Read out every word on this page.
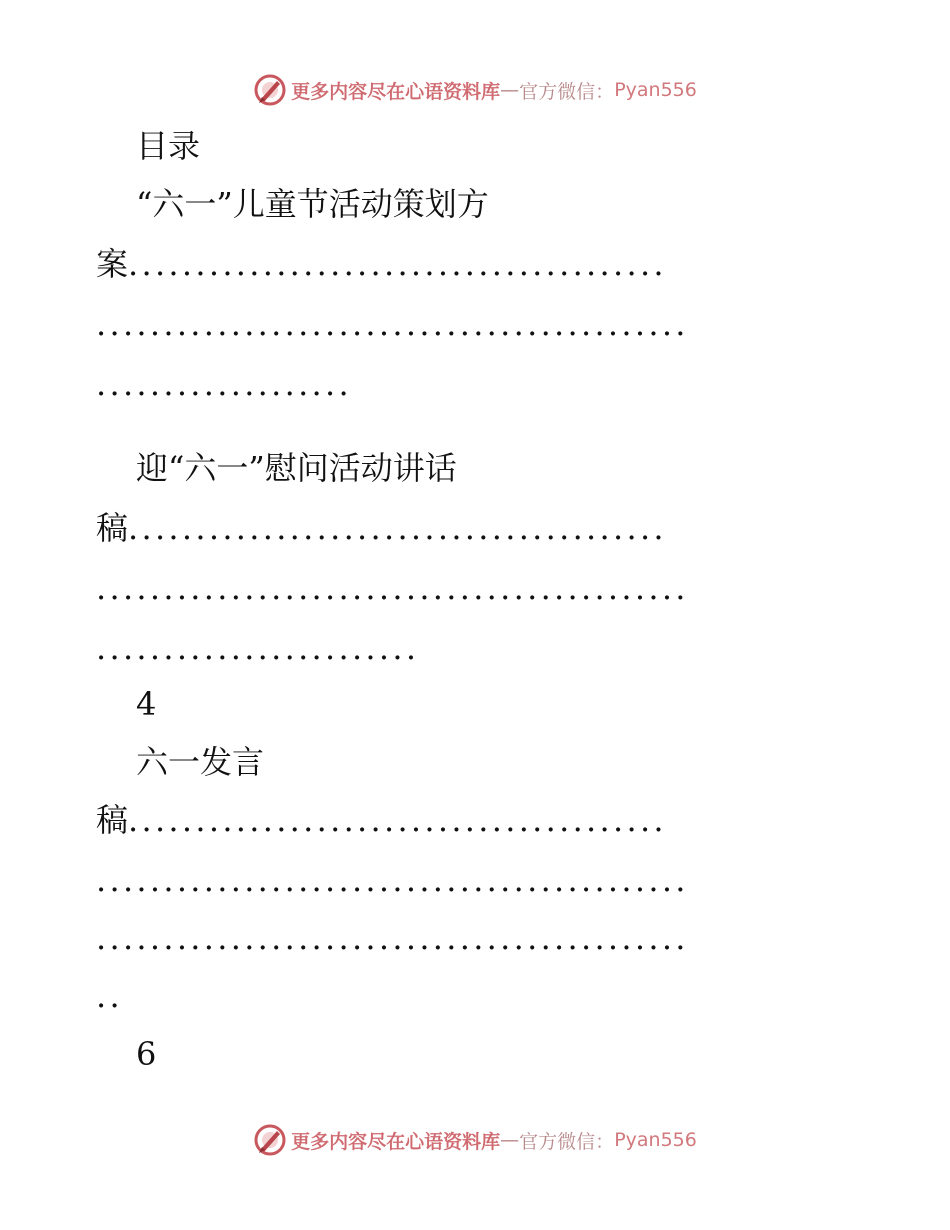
更多内容尽在心语资料库 — 官方微信： Pyan556
目录
“六一”儿童节活动策划方
案........................................
............................................
...................
迎“六一”慰问活动讲话
稿........................................
............................................
........................
4
六一发言
稿........................................
............................................
............................................
..
6
更多内容尽在心语资料库 — 官方微信： Pyan556
